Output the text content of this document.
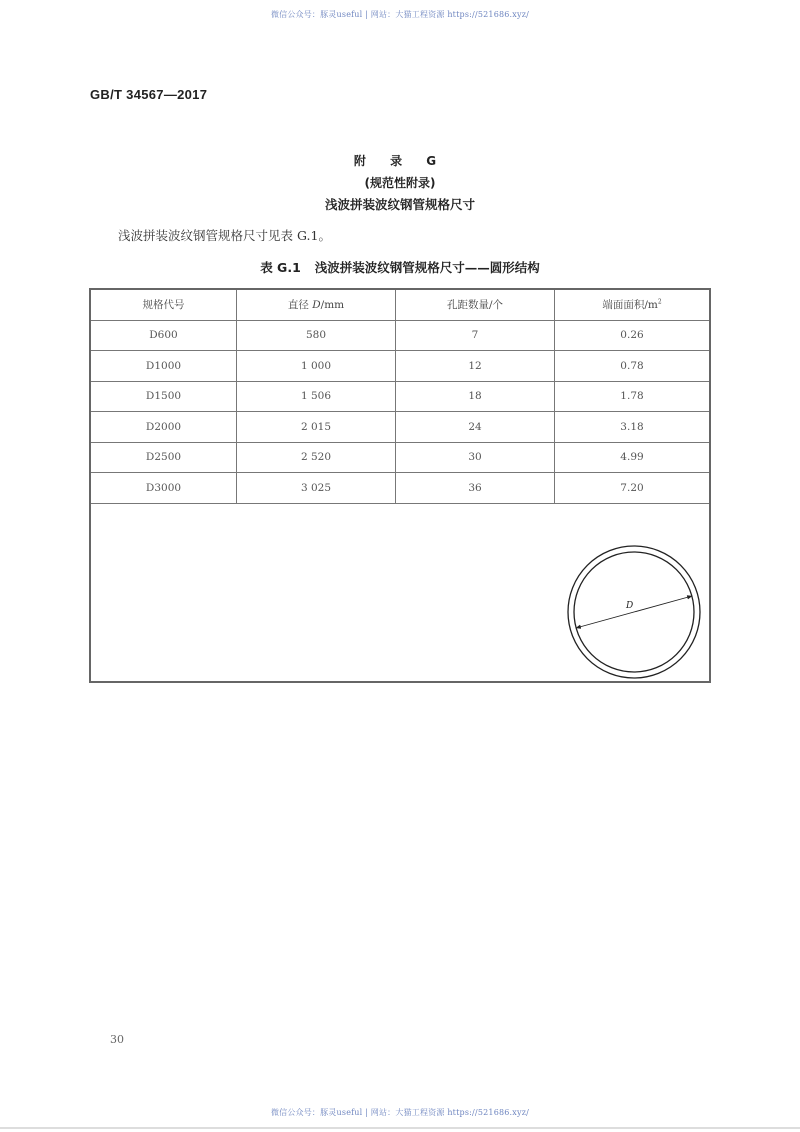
微信公众号：豚灵useful | 网站：大猫工程资源 https://521686.xyz/
GB/T 34567—2017
附 录 G
(规范性附录)
浅波拼装波纹钢管规格尺寸
浅波拼装波纹钢管规格尺寸见表 G.1。
表 G.1 浅波拼装波纹钢管规格尺寸——圆形结构
规格代号	直径 D/mm	孔距数量/个	端面面积$/m^2$
D600	580	7	0.26
D1000	1 000	12	0.78
D1500	1 506	18	1.78
D2000	2 015	24	3.18
D2500	2 520	30	4.99
D3000	3 025	36	7.20
D
30
微信公众号：豚灵useful | 网站：大猫工程资源 https://521686.xyz/
